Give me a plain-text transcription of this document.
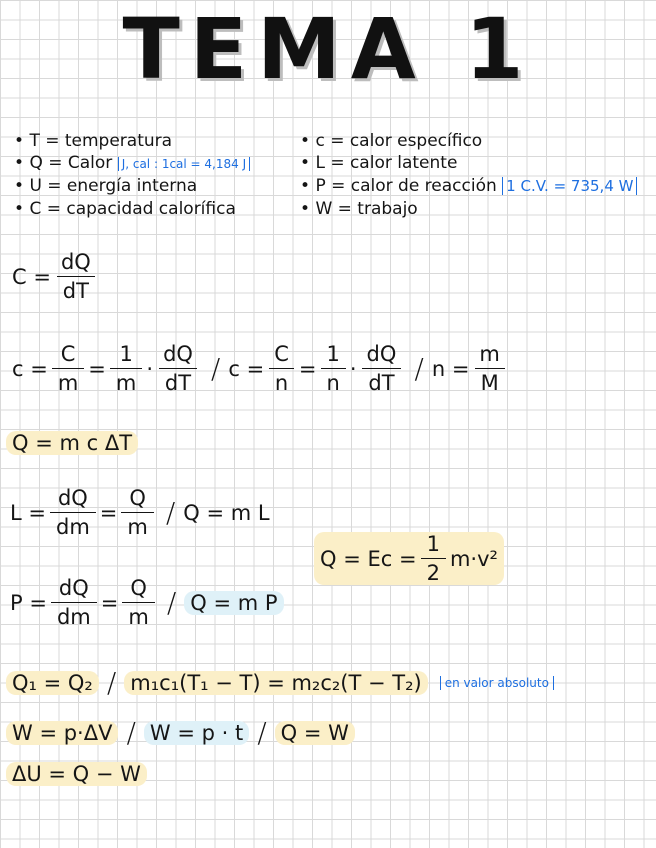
TEMA 1
• T = temperatura
• Q = Calor J, cal : 1cal = 4,184 J
• U = energía interna
• C = capacidad calorífica
• c = calor específico
• L = calor latente
• P = calor de reacción 1 C.V. = 735,4 W
• W = trabajo
$C = \frac{dQ}{dT}$
$c = \frac{C}{m} = \frac{1}{m} \cdot \frac{dQ}{dT} / c = \frac{C}{n} = \frac{1}{n} \cdot \frac{dQ}{dT} / n = \frac{m}{M}$
Q = m c ΔT
$L = \frac{dQ}{dm} = \frac{Q}{m} / Q = m$ L
$Q = Ec = \frac{1}{2} m\cdot v^2$
$P = \frac{dQ}{dm} = \frac{Q}{m} / Q = m$ P
Q₁ = Q₂ / m₁c₁(T₁ − T) = m₂c₂(T − T₂)	en valor absoluto
W = p·ΔV / W = p · t / Q = W
ΔU = Q − W
